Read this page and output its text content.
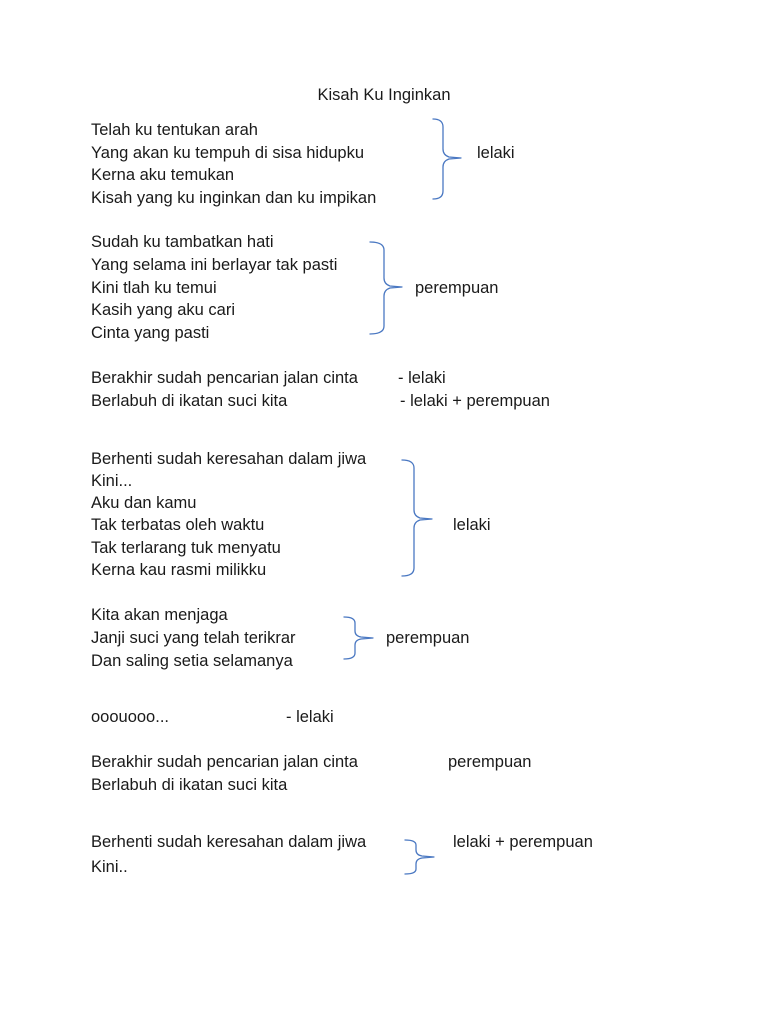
Kisah Ku Inginkan
Telah ku tentukan arah
Yang akan ku tempuh di sisa hidupku
Kerna aku temukan
Kisah yang ku inginkan dan ku impikan
lelaki
Sudah ku tambatkan hati
Yang selama ini berlayar tak pasti
Kini tlah ku temui
Kasih yang aku cari
Cinta yang pasti
perempuan
Berakhir sudah pencarian jalan cinta
Berlabuh di ikatan suci kita
- lelaki
- lelaki + perempuan
Berhenti sudah keresahan dalam jiwa
Kini...
Aku dan kamu
Tak terbatas oleh waktu
Tak terlarang tuk menyatu
Kerna kau rasmi milikku
lelaki
Kita akan menjaga
Janji suci yang telah terikrar
Dan saling setia selamanya
perempuan
ooouooo...	- lelaki
Berakhir sudah pencarian jalan cinta
Berlabuh di ikatan suci kita
perempuan
Berhenti sudah keresahan dalam jiwa
Kini..
lelaki + perempuan
